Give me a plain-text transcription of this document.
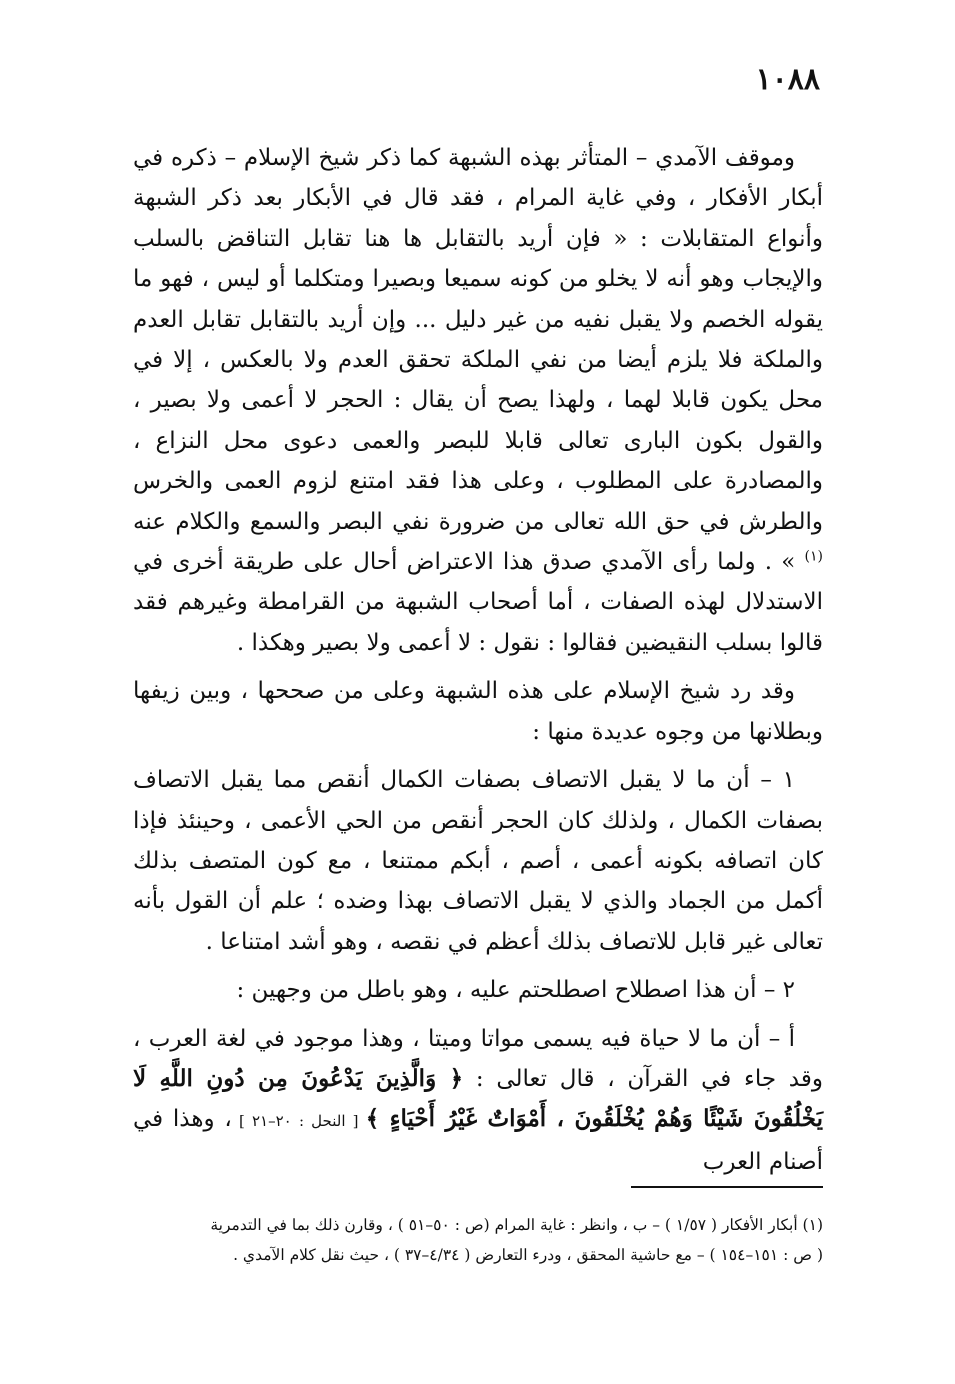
١٠٨٨

وموقف الآمدي – المتأثر بهذه الشبهة كما ذكر شيخ الإسلام – ذكره في أبكار الأفكار ، وفي غاية المرام ، فقد قال في الأبكار بعد ذكر الشبهة وأنواع المتقابلات : « فإن أريد بالتقابل ها هنا تقابل التناقض بالسلب والإيجاب وهو أنه لا يخلو من كونه سميعا وبصيرا ومتكلما أو ليس ، فهو ما يقوله الخصم ولا يقبل نفيه من غير دليل ... وإن أريد بالتقابل تقابل العدم والملكة فلا يلزم أيضا من نفي الملكة تحقق العدم ولا بالعكس ، إلا في محل يكون قابلا لهما ، ولهذا يصح أن يقال : الحجر لا أعمى ولا بصير ، والقول بكون البارى تعالى قابلا للبصر والعمى دعوى محل النزاع ، والمصادرة على المطلوب ، وعلى هذا فقد امتنع لزوم العمى والخرس والطرش في حق الله تعالى من ضرورة نفي البصر والسمع والكلام عنه $^{(١)}$ » . ولما رأى الآمدي صدق هذا الاعتراض أحال على طريقة أخرى في الاستدلال لهذه الصفات ، أما أصحاب الشبهة من القرامطة وغيرهم فقد قالوا بسلب النقيضين فقالوا : نقول : لا أعمى ولا بصير وهكذا .

وقد رد شيخ الإسلام على هذه الشبهة وعلى من صححها ، وبين زيفها وبطلانها من وجوه عديدة منها :

١ – أن ما لا يقبل الاتصاف بصفات الكمال أنقص مما يقبل الاتصاف بصفات الكمال ، ولذلك كان الحجر أنقص من الحي الأعمى ، وحينئذ فإذا كان اتصافه بكونه أعمى ، أصم ، أبكم ممتنعا ، مع كون المتصف بذلك أكمل من الجماد والذي لا يقبل الاتصاف بهذا وضده ؛ علم أن القول بأنه تعالى غير قابل للاتصاف بذلك أعظم في نقصه ، وهو أشد امتناعا .

٢ – أن هذا اصطلاح اصطلحتم عليه ، وهو باطل من وجهين :

أ – أن ما لا حياة فيه يسمى مواتا وميتا ، وهذا موجود في لغة العرب ، وقد جاء في القرآن ، قال تعالى : ﴿ وَالَّذِينَ يَدْعُونَ مِن دُونِ اللَّهِ لَا يَخْلُقُونَ شَيْئًا وَهُمْ يُخْلَقُونَ ، أَمْوَاتٌ غَيْرُ أَحْيَاءٍ ﴾ [ النحل : ٢٠–٢١ ] ، وهذا في أصنام العرب

(١) أبكار الأفكار ( ١/٥٧ ) – ب ، وانظر : غاية المرام (ص : ٥٠–٥١ ) ، وقارن ذلك بما في التدمرية

( ص : ١٥١–١٥٤ ) – مع حاشية المحقق ، ودرء التعارض ( ٤/٣٤–٣٧ ) ، حيث نقل كلام الآمدي .
